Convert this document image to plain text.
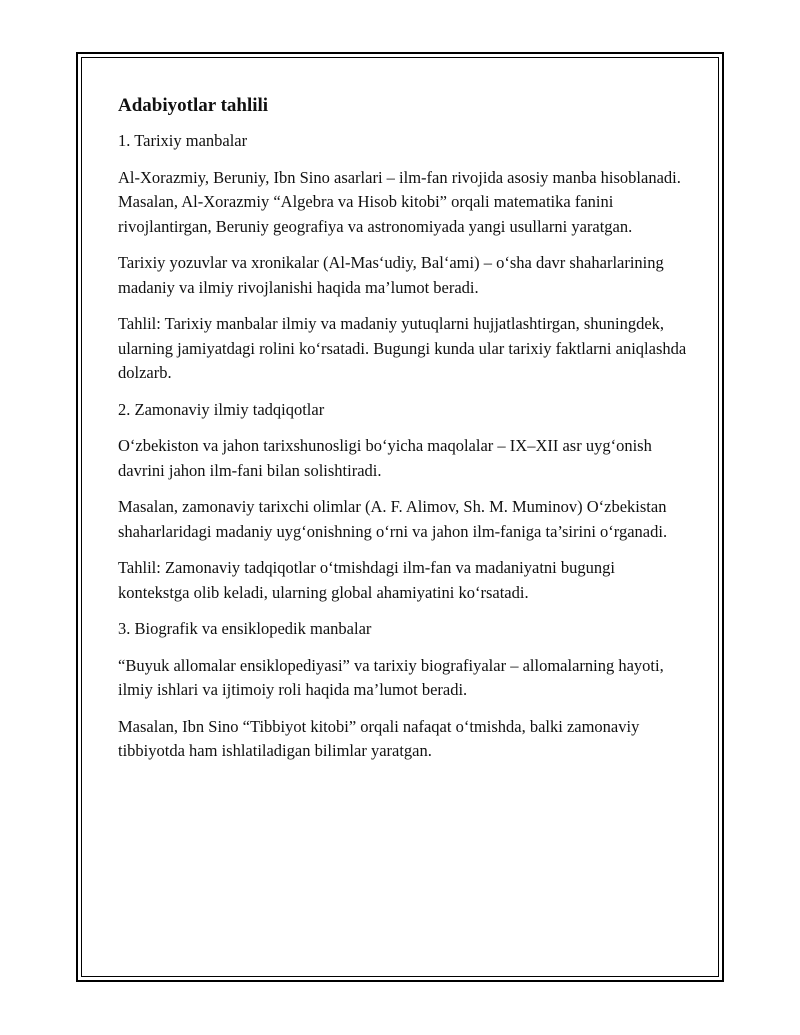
Adabiyotlar tahlili
1. Tarixiy manbalar
Al-Xorazmiy, Beruniy, Ibn Sino asarlari – ilm-fan rivojida asosiy manba hisoblanadi. Masalan, Al-Xorazmiy “Algebra va Hisob kitobi” orqali matematika fanini rivojlantirgan, Beruniy geografiya va astronomiyada yangi usullarni yaratgan.
Tarixiy yozuvlar va xronikalar (Al-Mas‘udiy, Bal‘ami) – o‘sha davr shaharlarining madaniy va ilmiy rivojlanishi haqida ma’lumot beradi.
Tahlil: Tarixiy manbalar ilmiy va madaniy yutuqlarni hujjatlashtirgan, shuningdek, ularning jamiyatdagi rolini ko‘rsatadi. Bugungi kunda ular tarixiy faktlarni aniqlashda dolzarb.
2. Zamonaviy ilmiy tadqiqotlar
O‘zbekiston va jahon tarixshunosligi bo‘yicha maqolalar – IX–XII asr uyg‘onish davrini jahon ilm-fani bilan solishtiradi.
Masalan, zamonaviy tarixchi olimlar (A. F. Alimov, Sh. M. Muminov) O‘zbekistan shaharlaridagi madaniy uyg‘onishning o‘rni va jahon ilm-faniga ta’sirini o‘rganadi.
Tahlil: Zamonaviy tadqiqotlar o‘tmishdagi ilm-fan va madaniyatni bugungi kontekstga olib keladi, ularning global ahamiyatini ko‘rsatadi.
3. Biografik va ensiklopedik manbalar
“Buyuk allomalar ensiklopediyasi” va tarixiy biografiyalar – allomalarning hayoti, ilmiy ishlari va ijtimoiy roli haqida ma’lumot beradi.
Masalan, Ibn Sino “Tibbiyot kitobi” orqali nafaqat o‘tmishda, balki zamonaviy tibbiyotda ham ishlatiladigan bilimlar yaratgan.
